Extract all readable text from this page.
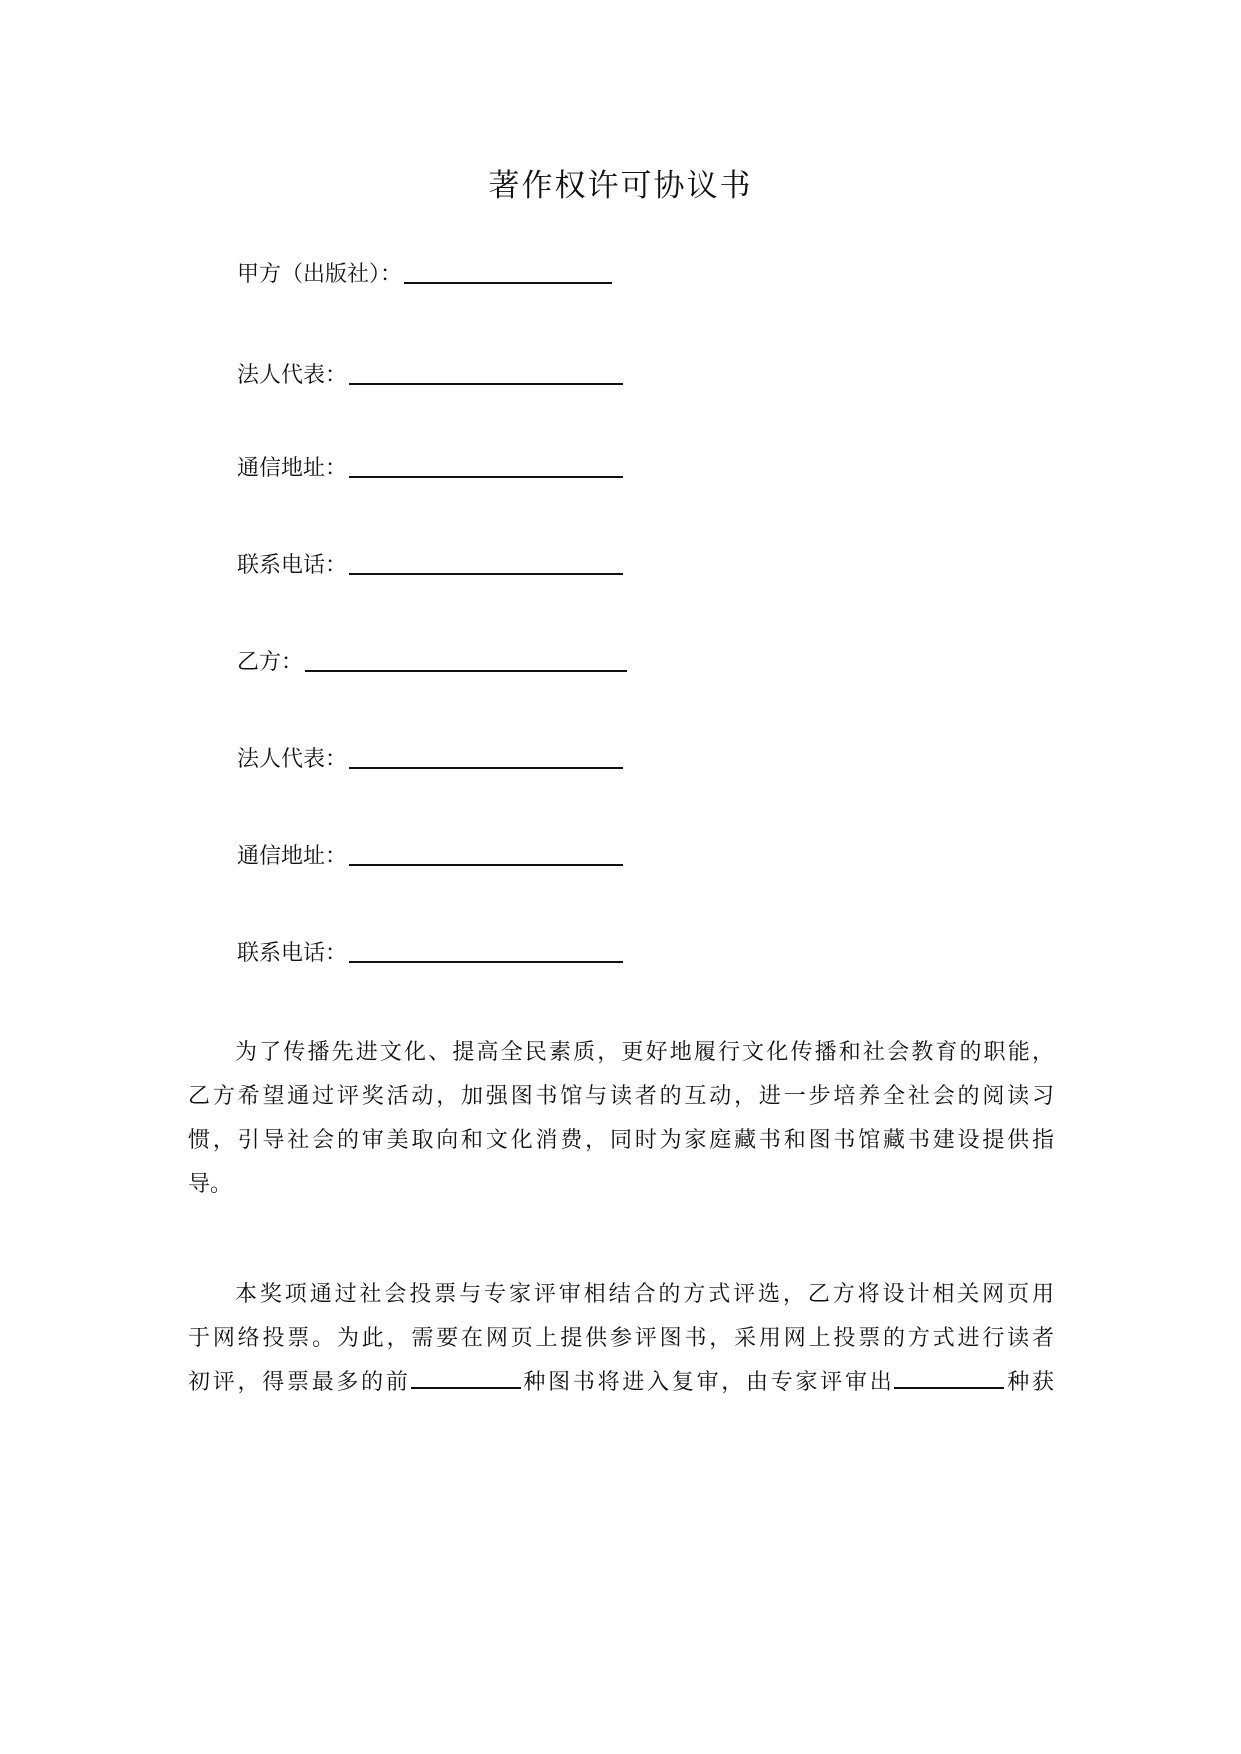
著作权许可协议书
甲方（出版社）：
法人代表：
通信地址：
联系电话：
乙方：
法人代表：
通信地址：
联系电话：
为了传播先进文化、提高全民素质，更好地履行文化传播和社会教育的职能，
乙方希望通过评奖活动，加强图书馆与读者的互动，进一步培养全社会的阅读习
惯，引导社会的审美取向和文化消费，同时为家庭藏书和图书馆藏书建设提供指
导。
本奖项通过社会投票与专家评审相结合的方式评选，乙方将设计相关网页用
于网络投票。为此，需要在网页上提供参评图书，采用网上投票的方式进行读者
初评，得票最多的前	种图书将进入复审，由专家评审出	种获
